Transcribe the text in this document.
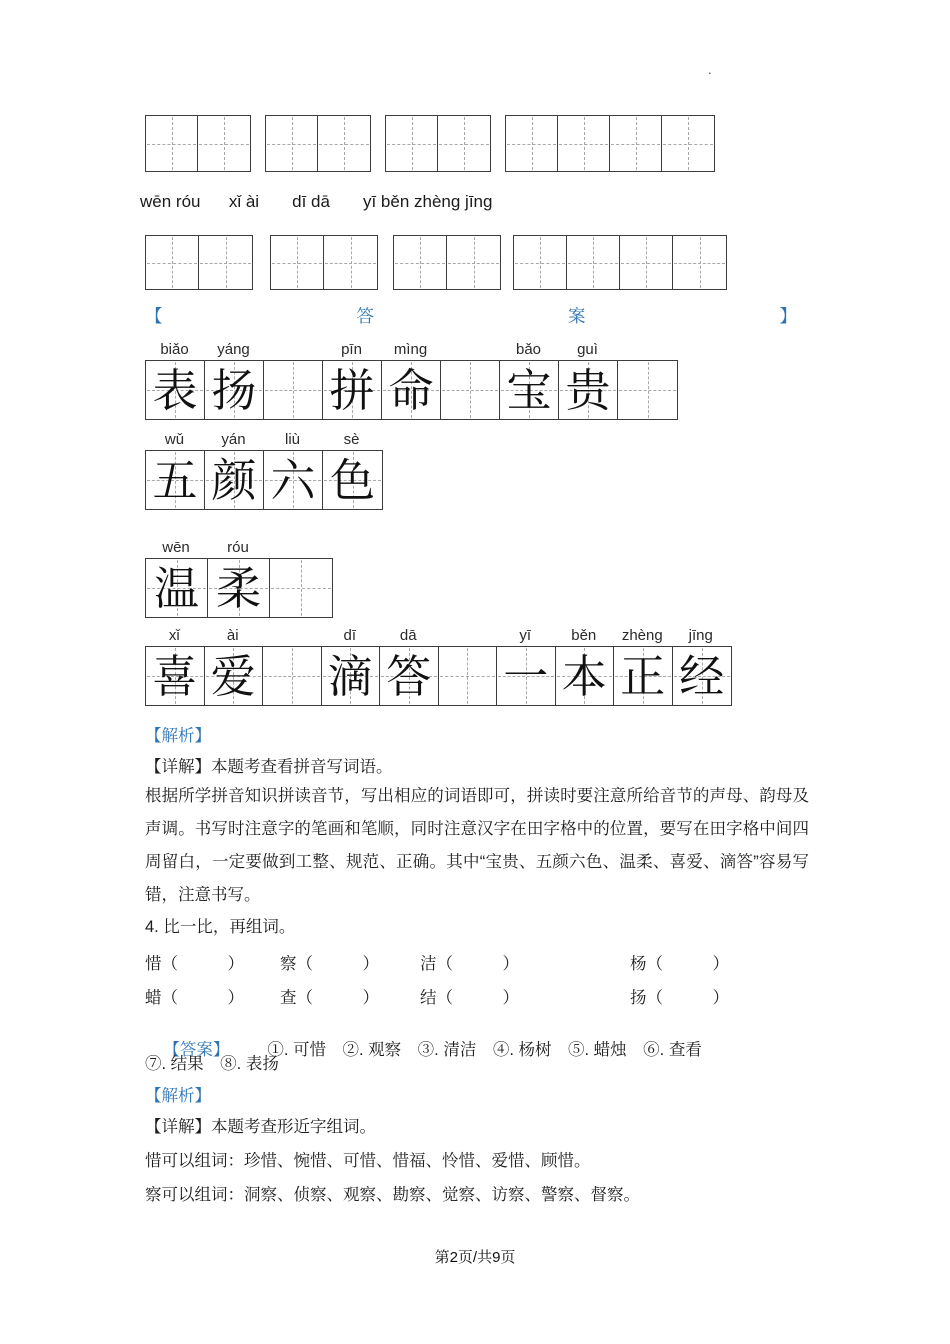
.
wēn róu      xǐ ài       dī dā       yī běn zhèng jīng
【	答	案	】
biǎo	yáng	pīn	mìng	bǎo	guì
表 扬 拼 命 宝 贵
wǔ	yán	liù	sè
五 颜 六 色
wēn	róu
温 柔
xǐ	ài	dī	dā	yī	běn	zhèng	jīng
喜 爱 滴 答 一 本 正 经
【解析】
【详解】本题考查看拼音写词语。
根据所学拼音知识拼读音节，写出相应的词语即可，拼读时要注意所给音节的声母、韵母及声调。书写时注意字的笔画和笔顺，同时注意汉字在田字格中的位置，要写在田字格中间四周留白，一定要做到工整、规范、正确。其中“宝贵、五颜六色、温柔、喜爱、滴答”容易写错，注意书写。
4. 比一比，再组词。
惜（　　　） 察（　　　） 洁（　　　）	杨（　　　）
蜡（　　　） 查（　　　） 结（　　　）	扬（　　　）

【答案】 ①. 可惜　②. 观察　③. 清洁　④. 杨树　⑤. 蜡烛　⑥. 查看

⑦. 结果　⑧. 表扬
【解析】
【详解】本题考查形近字组词。
惜可以组词：珍惜、惋惜、可惜、惜福、怜惜、爱惜、顾惜。
察可以组词：洞察、侦察、观察、勘察、觉察、访察、警察、督察。
第2页/共9页
